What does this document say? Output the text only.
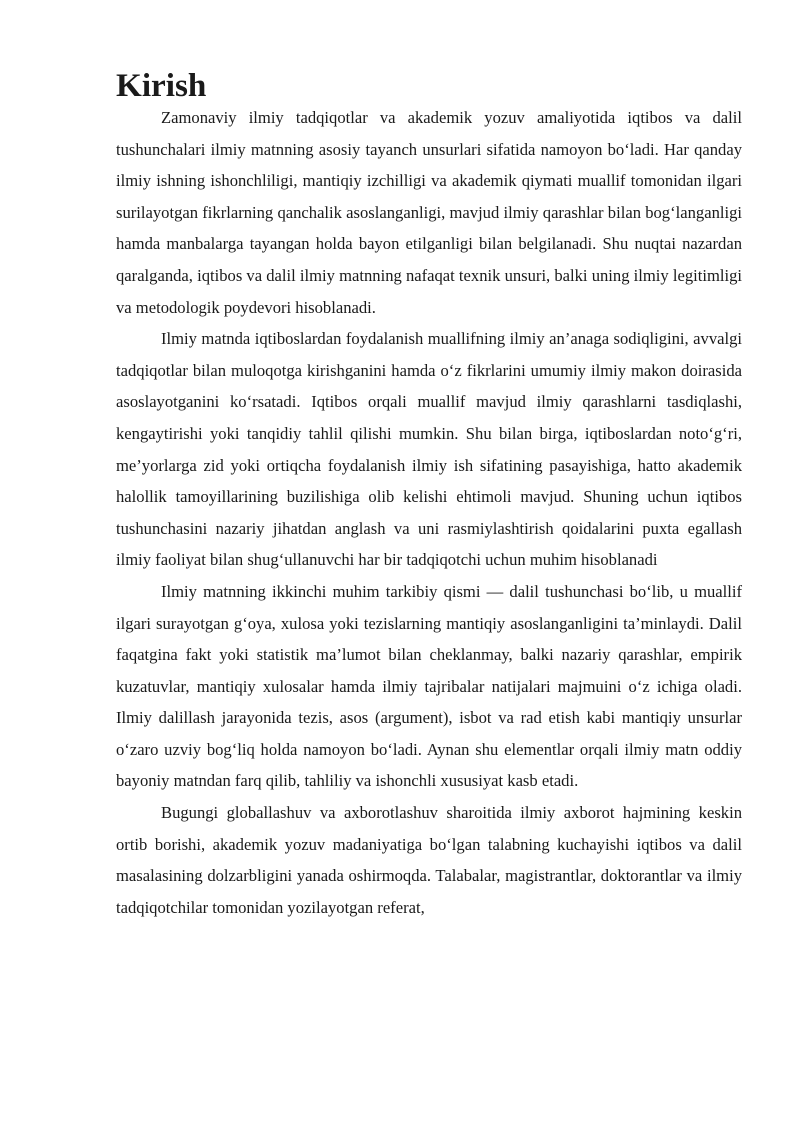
Kirish

Zamonaviy ilmiy tadqiqotlar va akademik yozuv amaliyotida iqtibos va dalil tushunchalari ilmiy matnning asosiy tayanch unsurlari sifatida namoyon bo‘ladi. Har qanday ilmiy ishning ishonchliligi, mantiqiy izchilligi va akademik qiymati muallif tomonidan ilgari surilayotgan fikrlarning qanchalik asoslanganligi, mavjud ilmiy qarashlar bilan bog‘langanligi hamda manbalarga tayangan holda bayon etilganligi bilan belgilanadi. Shu nuqtai nazardan qaralganda, iqtibos va dalil ilmiy matnning nafaqat texnik unsuri, balki uning ilmiy legitimligi va metodologik poydevori hisoblanadi.

Ilmiy matnda iqtiboslardan foydalanish muallifning ilmiy an’anaga sodiqligini, avvalgi tadqiqotlar bilan muloqotga kirishganini hamda o‘z fikrlarini umumiy ilmiy makon doirasida asoslayotganini ko‘rsatadi. Iqtibos orqali muallif mavjud ilmiy qarashlarni tasdiqlashi, kengaytirishi yoki tanqidiy tahlil qilishi mumkin. Shu bilan birga, iqtiboslardan noto‘g‘ri, me’yorlarga zid yoki ortiqcha foydalanish ilmiy ish sifatining pasayishiga, hatto akademik halollik tamoyillarining buzilishiga olib kelishi ehtimoli mavjud. Shuning uchun iqtibos tushunchasini nazariy jihatdan anglash va uni rasmiylashtirish qoidalarini puxta egallash ilmiy faoliyat bilan shug‘ullanuvchi har bir tadqiqotchi uchun muhim hisoblanadi

Ilmiy matnning ikkinchi muhim tarkibiy qismi — dalil tushunchasi bo‘lib, u muallif ilgari surayotgan g‘oya, xulosa yoki tezislarning mantiqiy asoslanganligini ta’minlaydi. Dalil faqatgina fakt yoki statistik ma’lumot bilan cheklanmay, balki nazariy qarashlar, empirik kuzatuvlar, mantiqiy xulosalar hamda ilmiy tajribalar natijalari majmuini o‘z ichiga oladi. Ilmiy dalillash jarayonida tezis, asos (argument), isbot va rad etish kabi mantiqiy unsurlar o‘zaro uzviy bog‘liq holda namoyon bo‘ladi. Aynan shu elementlar orqali ilmiy matn oddiy bayoniy matndan farq qilib, tahliliy va ishonchli xususiyat kasb etadi.

Bugungi globallashuv va axborotlashuv sharoitida ilmiy axborot hajmining keskin ortib borishi, akademik yozuv madaniyatiga bo‘lgan talabning kuchayishi iqtibos va dalil masalasining dolzarbligini yanada oshirmoqda. Talabalar, magistrantlar, doktorantlar va ilmiy tadqiqotchilar tomonidan yozilayotgan referat,
